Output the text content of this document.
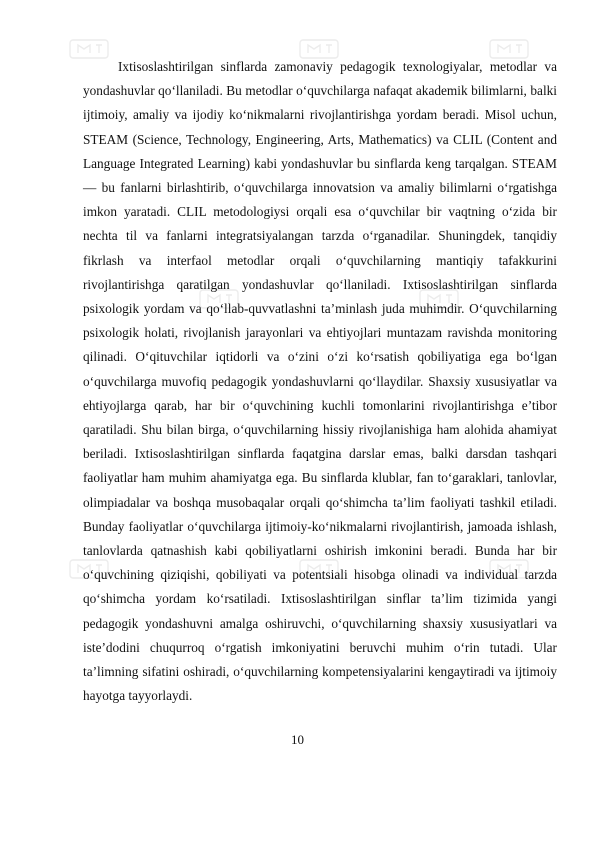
Ixtisoslashtirilgan sinflarda zamonaviy pedagogik texnologiyalar, metodlar va yondashuvlar qo‘llaniladi. Bu metodlar o‘quvchilarga nafaqat akademik bilimlarni, balki ijtimoiy, amaliy va ijodiy ko‘nikmalarni rivojlantirishga yordam beradi. Misol uchun, STEAM (Science, Technology, Engineering, Arts, Mathematics) va CLIL (Content and Language Integrated Learning) kabi yondashuvlar bu sinflarda keng tarqalgan. STEAM — bu fanlarni birlashtirib, o‘quvchilarga innovatsion va amaliy bilimlarni o‘rgatishga imkon yaratadi. CLIL metodologiysi orqali esa o‘quvchilar bir vaqtning o‘zida bir nechta til va fanlarni integratsiyalangan tarzda o‘rganadilar. Shuningdek, tanqidiy fikrlash va interfaol metodlar orqali o‘quvchilarning mantiqiy tafakkurini rivojlantirishga qaratilgan yondashuvlar qo‘llaniladi. Ixtisoslashtirilgan sinflarda psixologik yordam va qo‘llab-quvvatlashni ta’minlash juda muhimdir. O‘quvchilarning psixologik holati, rivojlanish jarayonlari va ehtiyojlari muntazam ravishda monitoring qilinadi. O‘qituvchilar iqtidorli va o‘zini o‘zi ko‘rsatish qobiliyatiga ega bo‘lgan o‘quvchilarga muvofiq pedagogik yondashuvlarni qo‘llaydilar. Shaxsiy xususiyatlar va ehtiyojlarga qarab, har bir o‘quvchining kuchli tomonlarini rivojlantirishga e’tibor qaratiladi. Shu bilan birga, o‘quvchilarning hissiy rivojlanishiga ham alohida ahamiyat beriladi. Ixtisoslashtirilgan sinflarda faqatgina darslar emas, balki darsdan tashqari faoliyatlar ham muhim ahamiyatga ega. Bu sinflarda klublar, fan to‘garaklari, tanlovlar, olimpiadalar va boshqa musobaqalar orqali qo‘shimcha ta’lim faoliyati tashkil etiladi. Bunday faoliyatlar o‘quvchilarga ijtimoiy-ko‘nikmalarni rivojlantirish, jamoada ishlash, tanlovlarda qatnashish kabi qobiliyatlarni oshirish imkonini beradi. Bunda har bir o‘quvchining qiziqishi, qobiliyati va potentsiali hisobga olinadi va individual tarzda qo‘shimcha yordam ko‘rsatiladi. Ixtisoslashtirilgan sinflar ta’lim tizimida yangi pedagogik yondashuvni amalga oshiruvchi, o‘quvchilarning shaxsiy xususiyatlari va iste’dodini chuqurroq o‘rgatish imkoniyatini beruvchi muhim o‘rin tutadi. Ular ta’limning sifatini oshiradi, o‘quvchilarning kompetensiyalarini kengaytiradi va ijtimoiy hayotga tayyorlaydi.

10
